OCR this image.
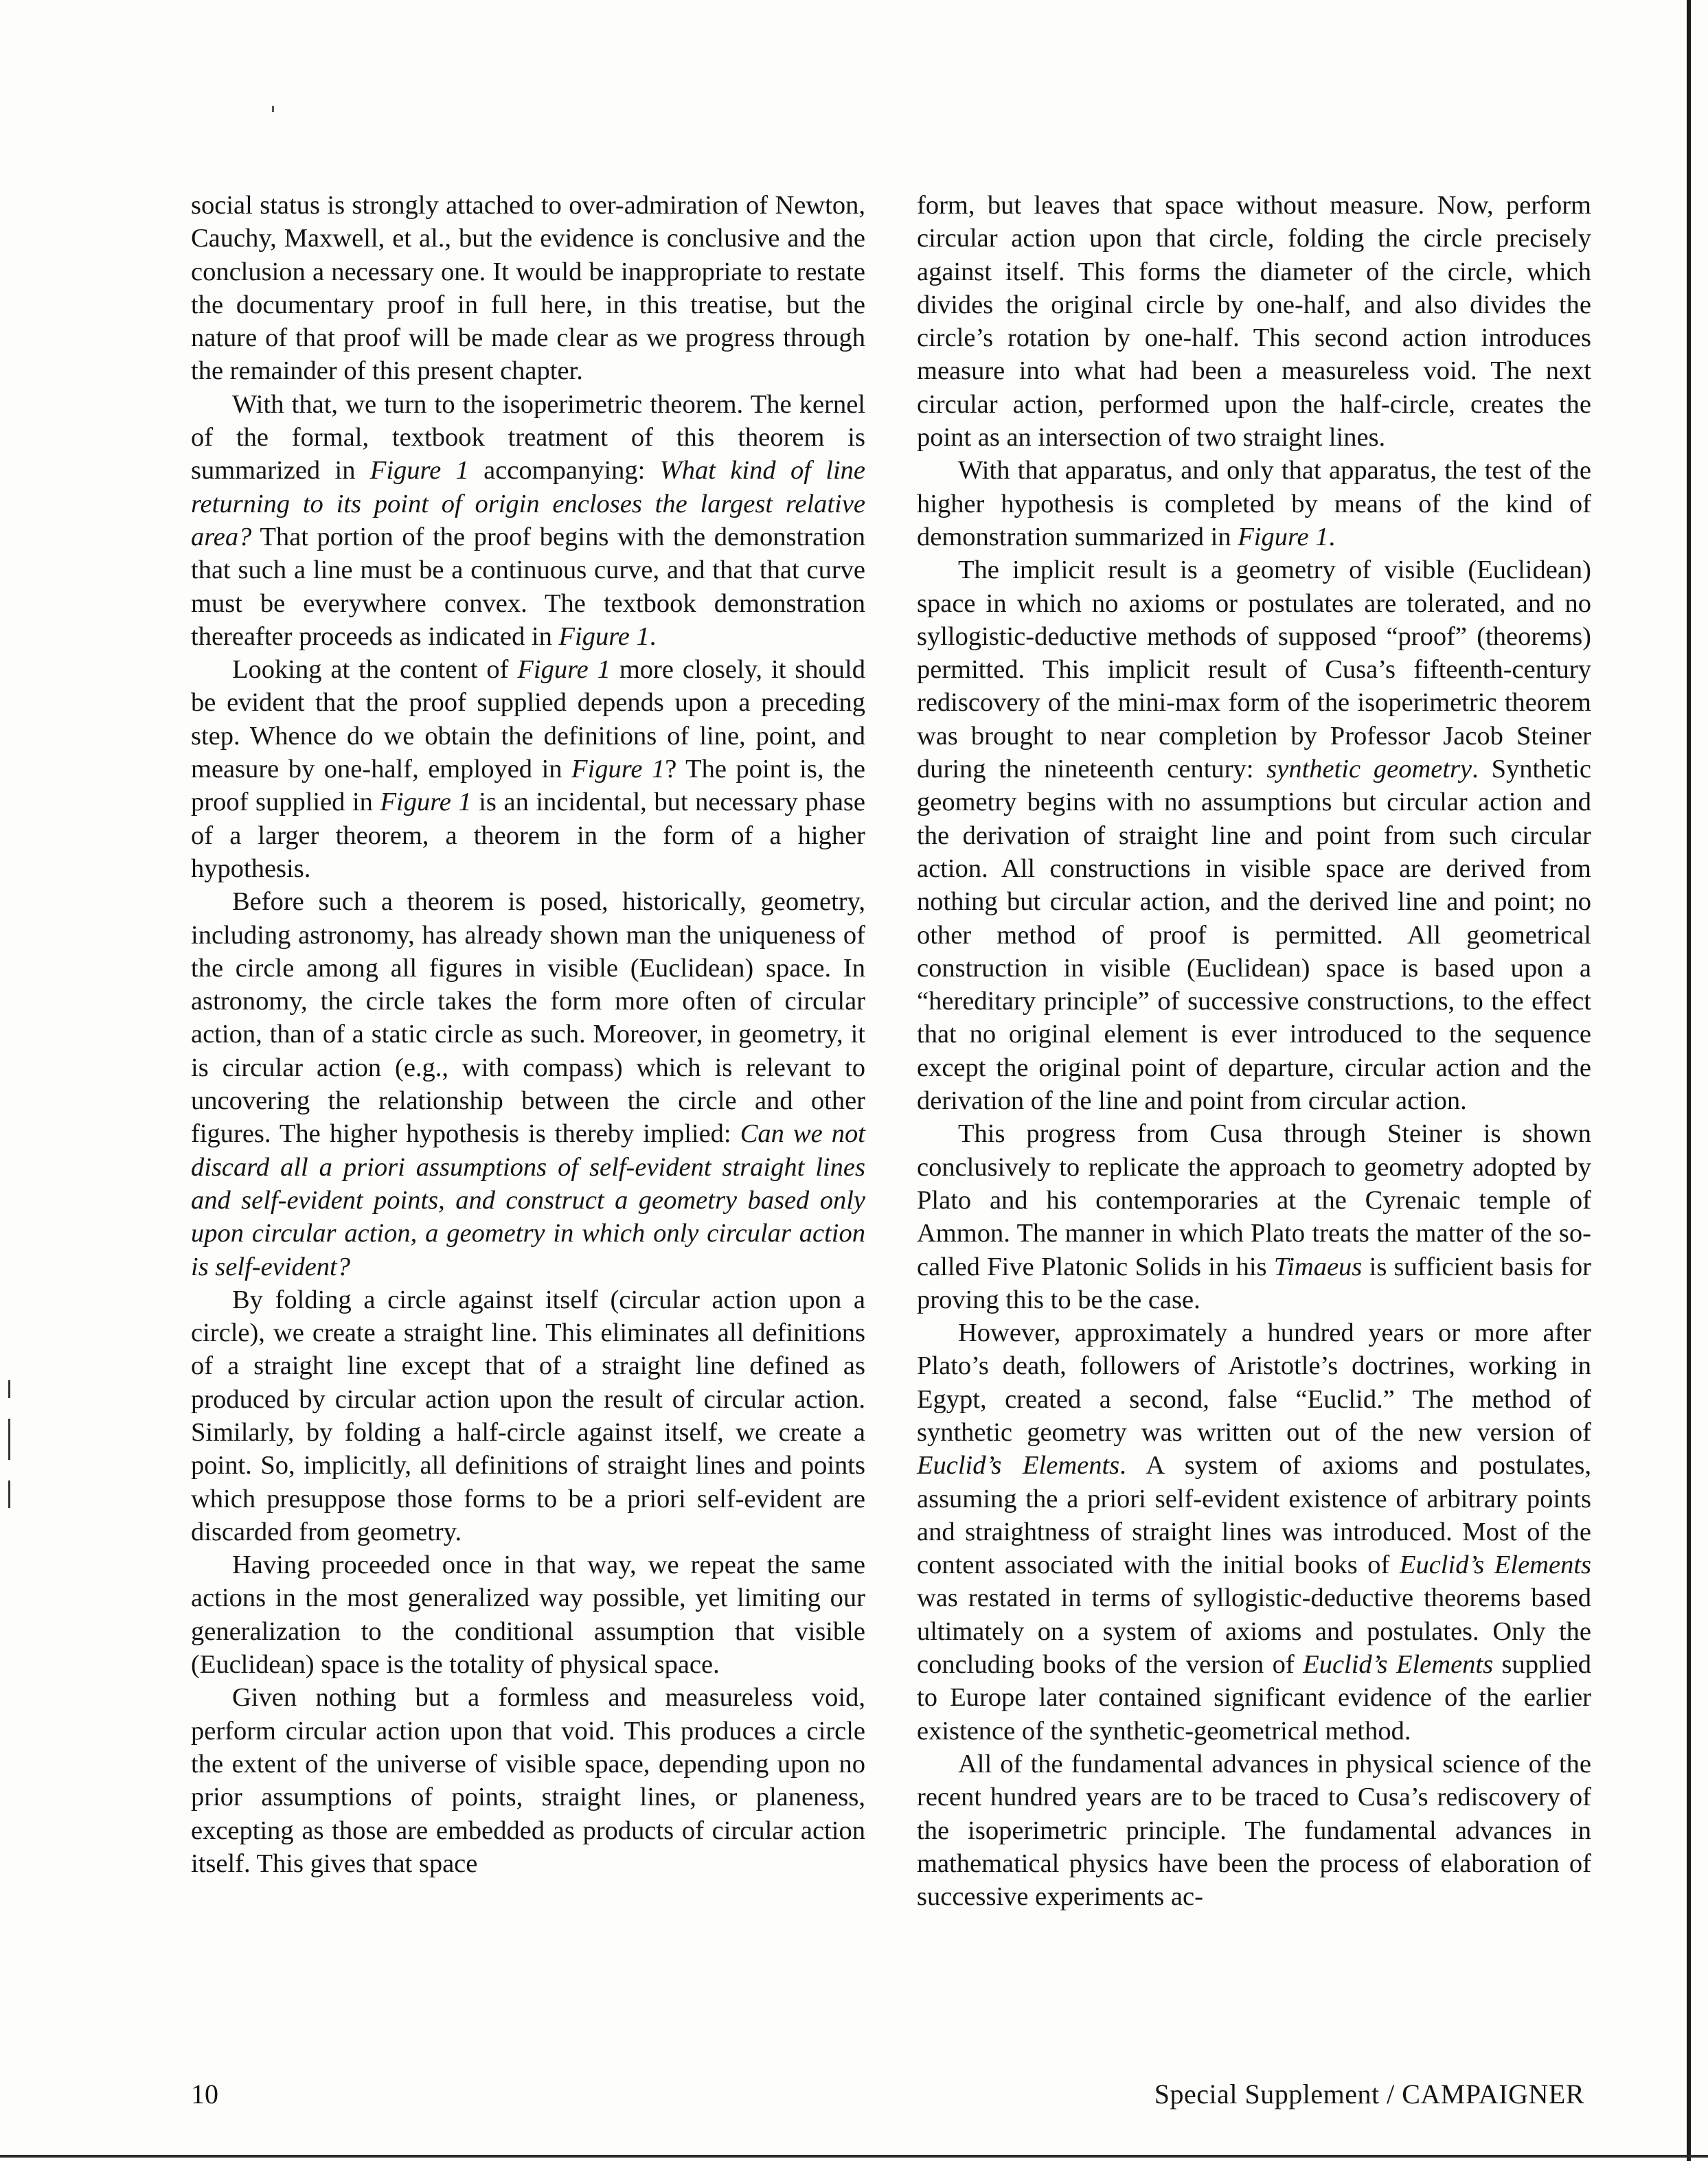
social status is strongly attached to over-admiration of Newton, Cauchy, Maxwell, et al., but the evidence is conclusive and the conclusion a necessary one. It would be inappropriate to restate the documentary proof in full here, in this treatise, but the nature of that proof will be made clear as we progress through the remainder of this present chapter.

With that, we turn to the isoperimetric theorem. The kernel of the formal, textbook treatment of this theorem is summarized in Figure 1 accompanying: What kind of line returning to its point of origin encloses the largest relative area? That portion of the proof begins with the demonstration that such a line must be a continuous curve, and that that curve must be everywhere convex. The textbook demonstration thereafter proceeds as indicated in Figure 1.

Looking at the content of Figure 1 more closely, it should be evident that the proof supplied depends upon a preceding step. Whence do we obtain the definitions of line, point, and measure by one-half, employed in Figure 1? The point is, the proof supplied in Figure 1 is an incidental, but necessary phase of a larger theorem, a theorem in the form of a higher hypothesis.

Before such a theorem is posed, historically, geometry, including astronomy, has already shown man the uniqueness of the circle among all figures in visible (Euclidean) space. In astronomy, the circle takes the form more often of circular action, than of a static circle as such. Moreover, in geometry, it is circular action (e.g., with compass) which is relevant to uncovering the relationship between the circle and other figures. The higher hypothesis is thereby implied: Can we not discard all a priori assumptions of self-evident straight lines and self-evident points, and construct a geometry based only upon circular action, a geometry in which only circular action is self-evident?

By folding a circle against itself (circular action upon a circle), we create a straight line. This eliminates all definitions of a straight line except that of a straight line defined as produced by circular action upon the result of circular action. Similarly, by folding a half-circle against itself, we create a point. So, implicitly, all definitions of straight lines and points which presuppose those forms to be a priori self-evident are discarded from geometry.

Having proceeded once in that way, we repeat the same actions in the most generalized way possible, yet limiting our generalization to the conditional assumption that visible (Euclidean) space is the totality of physical space.

Given nothing but a formless and measureless void, perform circular action upon that void. This produces a circle the extent of the universe of visible space, depending upon no prior assumptions of points, straight lines, or planeness, excepting as those are embedded as products of circular action itself. This gives that space

form, but leaves that space without measure. Now, perform circular action upon that circle, folding the circle precisely against itself. This forms the diameter of the circle, which divides the original circle by one-half, and also divides the circle’s rotation by one-half. This second action introduces measure into what had been a measureless void. The next circular action, performed upon the half-circle, creates the point as an intersection of two straight lines.

With that apparatus, and only that apparatus, the test of the higher hypothesis is completed by means of the kind of demonstration summarized in Figure 1.

The implicit result is a geometry of visible (Euclidean) space in which no axioms or postulates are tolerated, and no syllogistic-deductive methods of supposed “proof” (theorems) permitted. This implicit result of Cusa’s fifteenth-century rediscovery of the mini-max form of the isoperimetric theorem was brought to near completion by Professor Jacob Steiner during the nineteenth century: synthetic geometry. Synthetic geometry begins with no assumptions but circular action and the derivation of straight line and point from such circular action. All constructions in visible space are derived from nothing but circular action, and the derived line and point; no other method of proof is permitted. All geometrical construction in visible (Euclidean) space is based upon a “hereditary principle” of successive constructions, to the effect that no original element is ever introduced to the sequence except the original point of departure, circular action and the derivation of the line and point from circular action.

This progress from Cusa through Steiner is shown conclusively to replicate the approach to geometry adopted by Plato and his contemporaries at the Cyrenaic temple of Ammon. The manner in which Plato treats the matter of the so-called Five Platonic Solids in his Timaeus is sufficient basis for proving this to be the case.

However, approximately a hundred years or more after Plato’s death, followers of Aristotle’s doctrines, working in Egypt, created a second, false “Euclid.” The method of synthetic geometry was written out of the new version of Euclid’s Elements. A system of axioms and postulates, assuming the a priori self-evident existence of arbitrary points and straightness of straight lines was introduced. Most of the content associated with the initial books of Euclid’s Elements was restated in terms of syllogistic-deductive theorems based ultimately on a system of axioms and postulates. Only the concluding books of the version of Euclid’s Elements supplied to Europe later contained significant evidence of the earlier existence of the synthetic-geometrical method.

All of the fundamental advances in physical science of the recent hundred years are to be traced to Cusa’s rediscovery of the isoperimetric principle. The fundamental advances in mathematical physics have been the process of elaboration of successive experiments ac-

10	Special Supplement / CAMPAIGNER
